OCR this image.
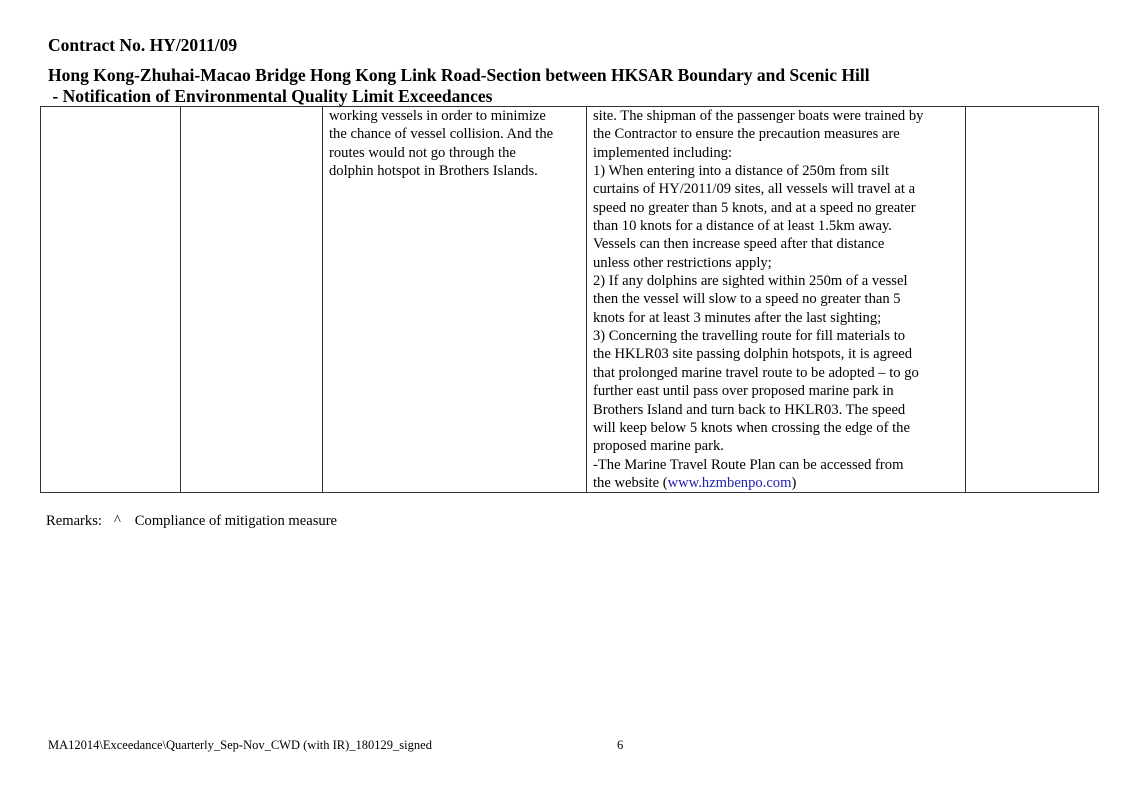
Contract No. HY/2011/09
Hong Kong-Zhuhai-Macao Bridge Hong Kong Link Road-Section between HKSAR Boundary and Scenic Hill
- Notification of Environmental Quality Limit Exceedances

working vessels in order to minimize
the chance of vessel collision. And the
routes would not go through the
dolphin hotspot in Brothers Islands.

site. The shipman of the passenger boats were trained by
the Contractor to ensure the precaution measures are
implemented including:
1) When entering into a distance of 250m from silt
curtains of HY/2011/09 sites, all vessels will travel at a
speed no greater than 5 knots, and at a speed no greater
than 10 knots for a distance of at least 1.5km away.
Vessels can then increase speed after that distance
unless other restrictions apply;
2) If any dolphins are sighted within 250m of a vessel
then the vessel will slow to a speed no greater than 5
knots for at least 3 minutes after the last sighting;
3) Concerning the travelling route for fill materials to
the HKLR03 site passing dolphin hotspots, it is agreed
that prolonged marine travel route to be adopted – to go
further east until pass over proposed marine park in
Brothers Island and turn back to HKLR03. The speed
will keep below 5 knots when crossing the edge of the
proposed marine park.
-The Marine Travel Route Plan can be accessed from
the website (www.hzmbenpo.com)

Remarks: ^ Compliance of mitigation measure
MA12014\Exceedance\Quarterly_Sep-Nov_CWD (with IR)_180129_signed	6
